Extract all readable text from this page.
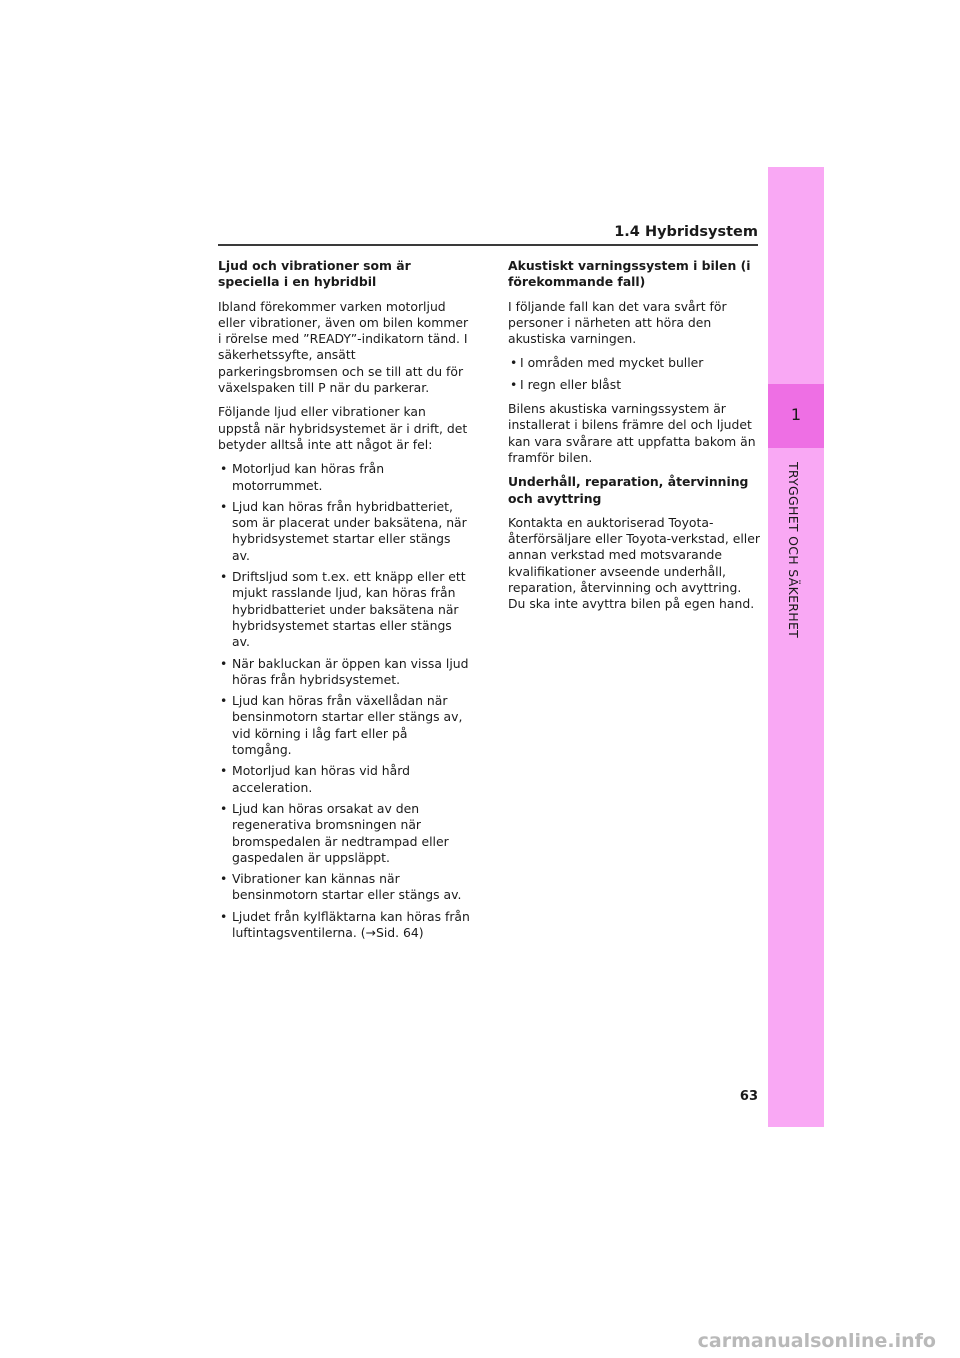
1.4 Hybridsystem
Ljud och vibrationer som är speciella i en hybridbil

Ibland förekommer varken motorljud eller vibrationer, även om bilen kommer i rörelse med ”READY”-indikatorn tänd. I säkerhetssyfte, ansätt parkeringsbromsen och se till att du för växelspaken till P när du parkerar.

Följande ljud eller vibrationer kan uppstå när hybridsystemet är i drift, det betyder alltså inte att något är fel:

• Motorljud kan höras från motorrummet.
• Ljud kan höras från hybridbatteriet, som är placerat under baksätena, när hybridsystemet startar eller stängs av.
• Driftsljud som t.ex. ett knäpp eller ett mjukt rasslande ljud, kan höras från hybridbatteriet under baksätena när hybridsystemet startas eller stängs av.
• När bakluckan är öppen kan vissa ljud höras från hybridsystemet.
• Ljud kan höras från växellådan när bensinmotorn startar eller stängs av, vid körning i låg fart eller på tomgång.
• Motorljud kan höras vid hård acceleration.
• Ljud kan höras orsakat av den regenerativa bromsningen när bromspedalen är nedtrampad eller gaspedalen är uppsläppt.
• Vibrationer kan kännas när bensinmotorn startar eller stängs av.
• Ljudet från kylfläktarna kan höras från luftintagsventilerna. (→Sid. 64)
Akustiskt varningssystem i bilen (i förekommande fall)

I följande fall kan det vara svårt för personer i närheten att höra den akustiska varningen.

• I områden med mycket buller
• I regn eller blåst

Bilens akustiska varningssystem är installerat i bilens främre del och ljudet kan vara svårare att uppfatta bakom än framför bilen.

Underhåll, reparation, återvinning och avyttring

Kontakta en auktoriserad Toyota-återförsäljare eller Toyota-verkstad, eller annan verkstad med motsvarande kvalifikationer avseende underhåll, reparation, återvinning och avyttring. Du ska inte avyttra bilen på egen hand.

1
TRYGGHET OCH SÄKERHET
63
carmanualsonline.info
